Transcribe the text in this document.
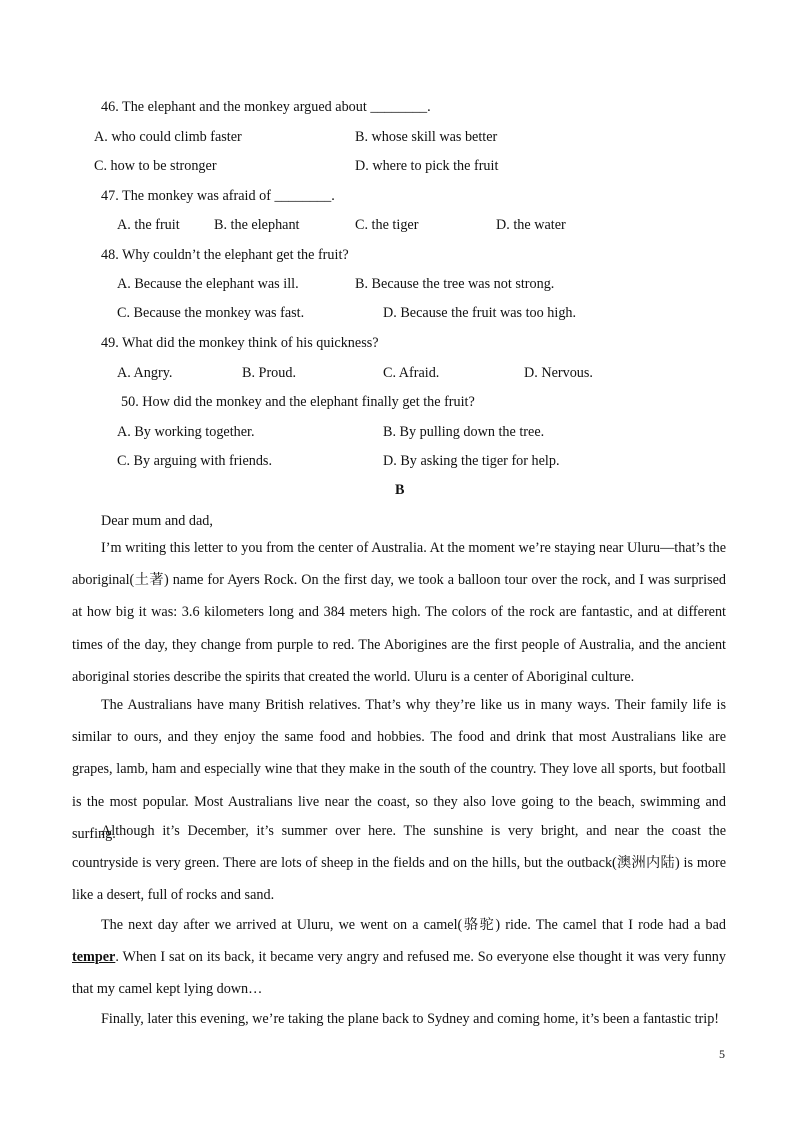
46. The elephant and the monkey argued about ________.
A. who could climb faster	B. whose skill was better
C. how to be stronger	D. where to pick the fruit
47. The monkey was afraid of ________.
A. the fruit B. the elephant	C. the tiger	D. the water
48. Why couldn’t the elephant get the fruit?
A. Because the elephant was ill.	B. Because the tree was not strong.
C. Because the monkey was fast.	D. Because the fruit was too high.
49. What did the monkey think of his quickness?
A. Angry.	B. Proud.	C. Afraid.	D. Nervous.
50. How did the monkey and the elephant finally get the fruit?
A. By working together.	B. By pulling down the tree.
C. By arguing with friends.	D. By asking the tiger for help.
B
Dear mum and dad,

I’m writing this letter to you from the center of Australia. At the moment we’re staying near Uluru—that’s the aboriginal(土著) name for Ayers Rock. On the first day, we took a balloon tour over the rock, and I was surprised at how big it was: 3.6 kilometers long and 384 meters high. The colors of the rock are fantastic, and at different times of the day, they change from purple to red. The Aborigines are the first people of Australia, and the ancient aboriginal stories describe the spirits that created the world. Uluru is a center of Aboriginal culture.

The Australians have many British relatives. That’s why they’re like us in many ways. Their family life is similar to ours, and they enjoy the same food and hobbies. The food and drink that most Australians like are grapes, lamb, ham and especially wine that they make in the south of the country. They love all sports, but football is the most popular. Most Australians live near the coast, so they also love going to the beach, swimming and surfing.

Although it’s December, it’s summer over here. The sunshine is very bright, and near the coast the countryside is very green. There are lots of sheep in the fields and on the hills, but the outback(澳洲内陆) is more like a desert, full of rocks and sand.

The next day after we arrived at Uluru, we went on a camel(骆驼) ride. The camel that I rode had a bad temper. When I sat on its back, it became very angry and refused me. So everyone else thought it was very funny that my camel kept lying down…

Finally, later this evening, we’re taking the plane back to Sydney and coming home, it’s been a fantastic trip!
5
